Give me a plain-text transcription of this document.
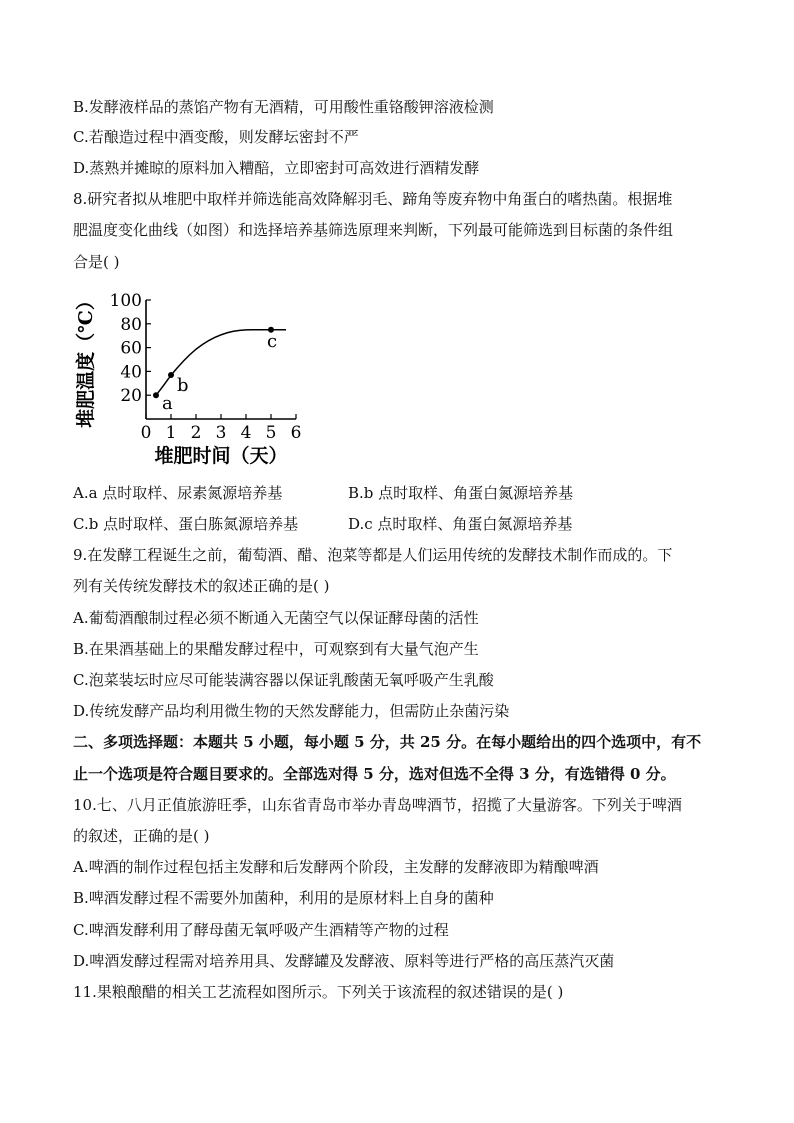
B.发酵液样品的蒸馅产物有无酒精，可用酸性重铬酸钾溶液检测
C.若酿造过程中酒变酸，则发酵坛密封不严
D.蒸熟并摊晾的原料加入糟醅，立即密封可高效进行酒精发酵
8.研究者拟从堆肥中取样并筛选能高效降解羽毛、蹄角等废弃物中角蛋白的嗜热菌。根据堆
肥温度变化曲线（如图）和选择培养基筛选原理来判断，下列最可能筛选到目标菌的条件组
合是( )
0 1 2 3 4 5 6
20
40
60
80
100
堆肥时间（天）
堆肥温度（℃）	a
b
c
A.a 点时取样、尿素氮源培养基	B.b 点时取样、角蛋白氮源培养基
C.b 点时取样、蛋白胨氮源培养基	D.c 点时取样、角蛋白氮源培养基
9.在发酵工程诞生之前，葡萄酒、醋、泡菜等都是人们运用传统的发酵技术制作而成的。下
列有关传统发酵技术的叙述正确的是( )
A.葡萄酒酿制过程必须不断通入无菌空气以保证酵母菌的活性
B.在果酒基础上的果醋发酵过程中，可观察到有大量气泡产生
C.泡菜装坛时应尽可能装满容器以保证乳酸菌无氧呼吸产生乳酸
D.传统发酵产品均利用微生物的天然发酵能力，但需防止杂菌污染
二、多项选择题：本题共 5 小题，每小题 5 分，共 25 分。在每小题给出的四个选项中，有不
止一个选项是符合题目要求的。全部选对得 5 分，选对但选不全得 3 分，有选错得 0 分。
10.七、八月正值旅游旺季，山东省青岛市举办青岛啤酒节，招揽了大量游客。下列关于啤酒
的叙述，正确的是( )
A.啤酒的制作过程包括主发酵和后发酵两个阶段，主发酵的发酵液即为精酿啤酒
B.啤酒发酵过程不需要外加菌种，利用的是原材料上自身的菌种
C.啤酒发酵利用了酵母菌无氧呼吸产生酒精等产物的过程
D.啤酒发酵过程需对培养用具、发酵罐及发酵液、原料等进行严格的高压蒸汽灭菌
11.果粮酿醋的相关工艺流程如图所示。下列关于该流程的叙述错误的是( )
